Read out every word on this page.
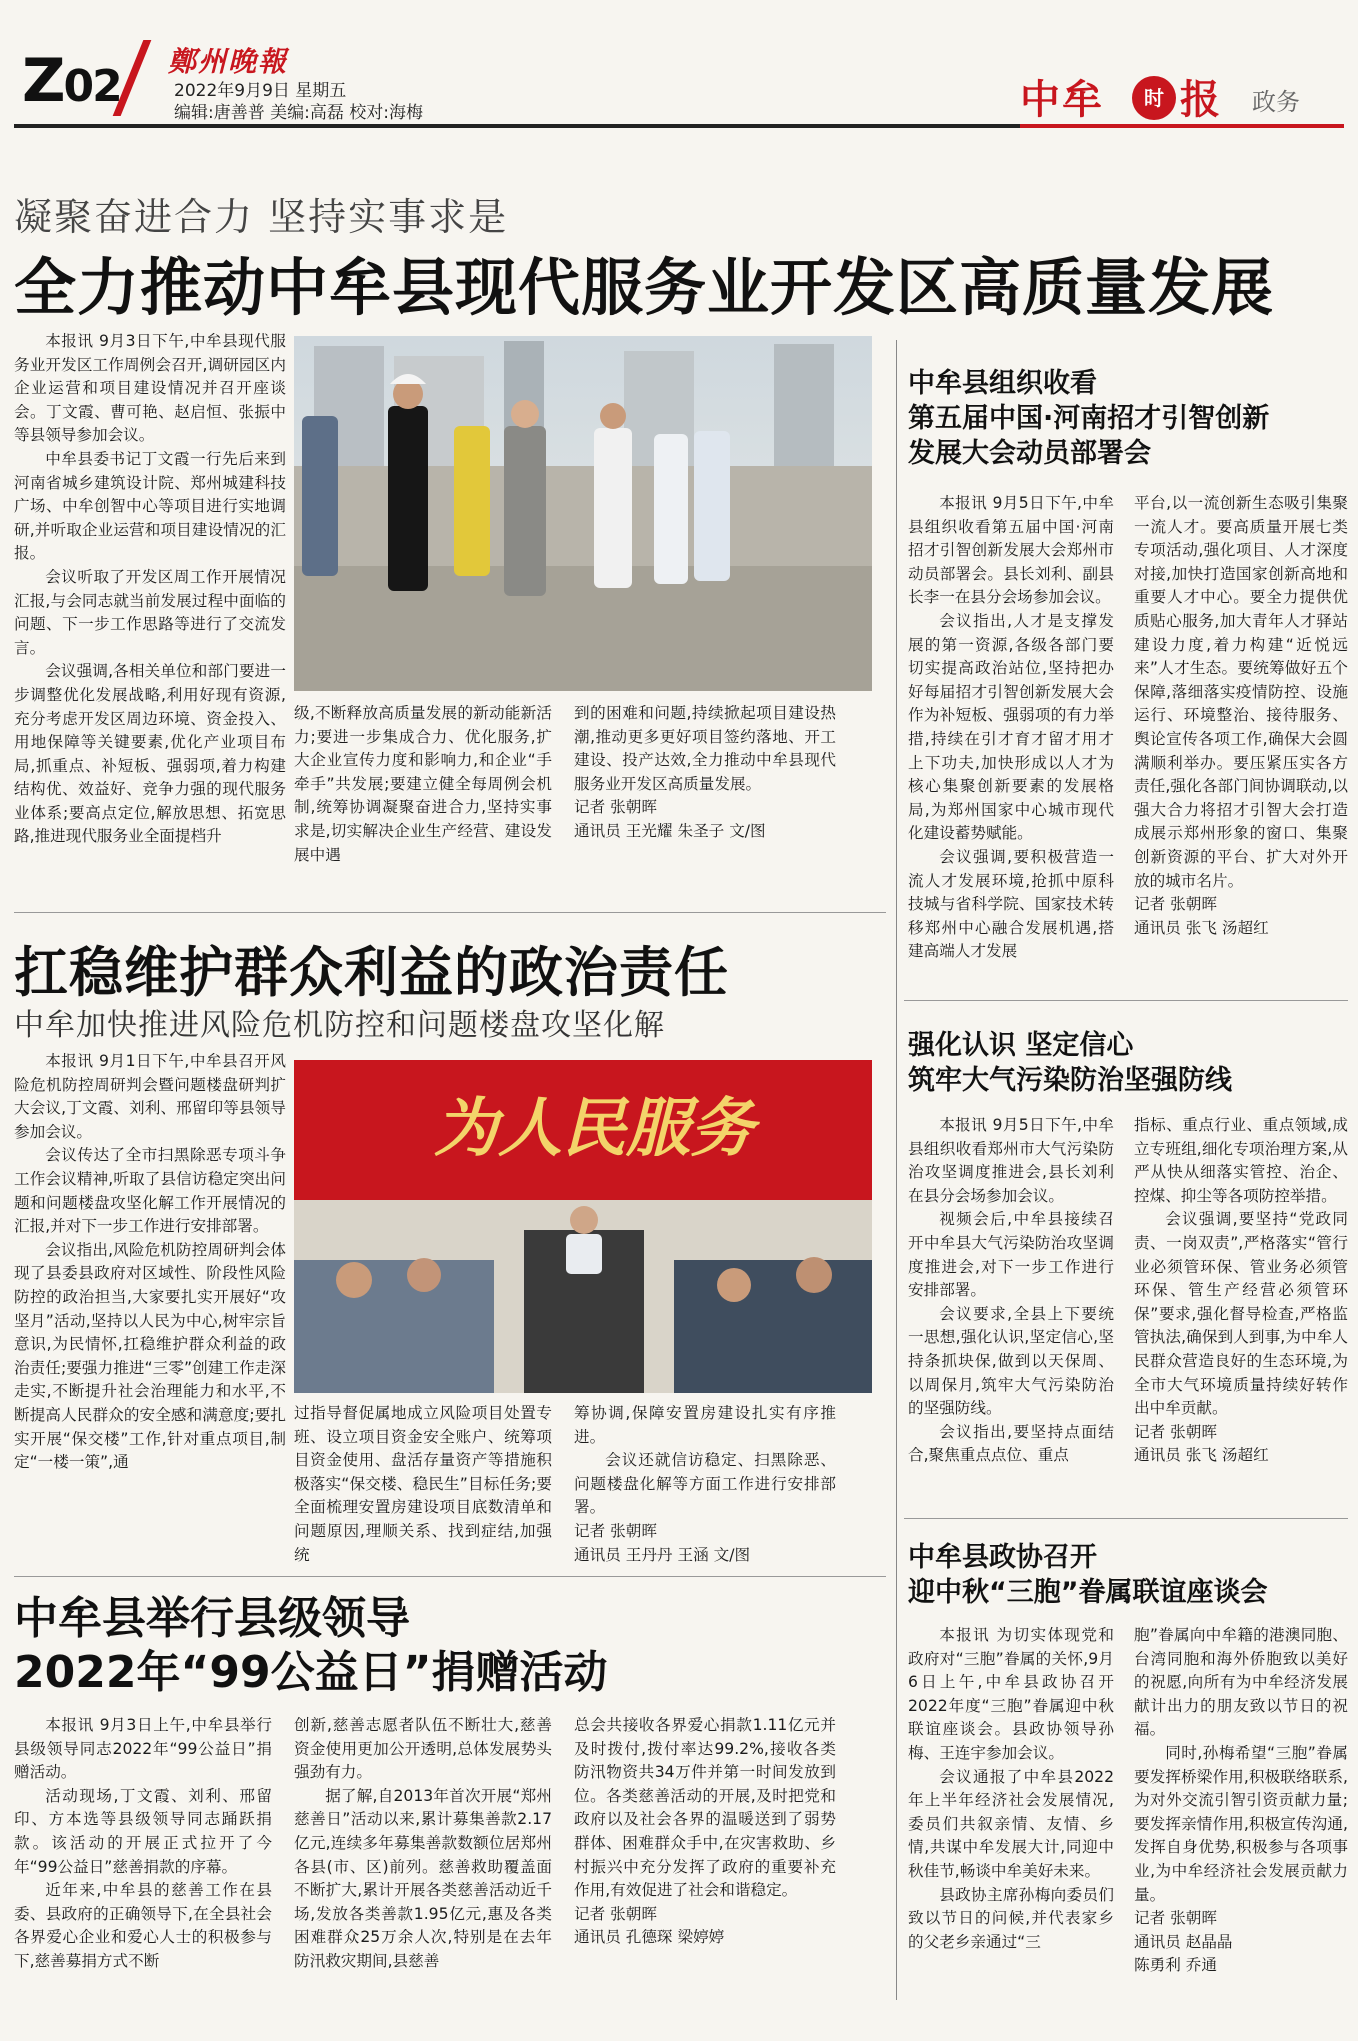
Z02 鄭州晚報
2022年9月9日 星期五
编辑:唐善普 美编:高磊 校对:海梅	中牟	时 报 政务
凝聚奋进合力 坚持实事求是
全力推动中牟县现代服务业开发区高质量发展

本报讯 9月3日下午,中牟县现代服务业开发区工作周例会召开,调研园区内企业运营和项目建设情况并召开座谈会。丁文霞、曹可艳、赵启恒、张振中等县领导参加会议。

中牟县委书记丁文霞一行先后来到河南省城乡建筑设计院、郑州城建科技广场、中牟创智中心等项目进行实地调研,并听取企业运营和项目建设情况的汇报。

会议听取了开发区周工作开展情况汇报,与会同志就当前发展过程中面临的问题、下一步工作思路等进行了交流发言。

会议强调,各相关单位和部门要进一步调整优化发展战略,利用好现有资源,充分考虑开发区周边环境、资金投入、用地保障等关键要素,优化产业项目布局,抓重点、补短板、强弱项,着力构建结构优、效益好、竞争力强的现代服务业体系;要高点定位,解放思想、拓宽思路,推进现代服务业全面提档升

级,不断释放高质量发展的新动能新活力;要进一步集成合力、优化服务,扩大企业宣传力度和影响力,和企业“手牵手”共发展;要建立健全每周例会机制,统筹协调凝聚奋进合力,坚持实事求是,切实解决企业生产经营、建设发展中遇

到的困难和问题,持续掀起项目建设热潮,推动更多更好项目签约落地、开工建设、投产达效,全力推动中牟县现代服务业开发区高质量发展。

记者 张朝晖

通讯员 王光耀 朱圣子 文/图

中牟县组织收看
第五届中国·河南招才引智创新
发展大会动员部署会

本报讯 9月5日下午,中牟县组织收看第五届中国·河南招才引智创新发展大会郑州市动员部署会。县长刘利、副县长李一在县分会场参加会议。

会议指出,人才是支撑发展的第一资源,各级各部门要切实提高政治站位,坚持把办好每届招才引智创新发展大会作为补短板、强弱项的有力举措,持续在引才育才留才用才上下功夫,加快形成以人才为核心集聚创新要素的发展格局,为郑州国家中心城市现代化建设蓄势赋能。

会议强调,要积极营造一流人才发展环境,抢抓中原科技城与省科学院、国家技术转移郑州中心融合发展机遇,搭建高端人才发展

平台,以一流创新生态吸引集聚一流人才。要高质量开展七类专项活动,强化项目、人才深度对接,加快打造国家创新高地和重要人才中心。要全力提供优质贴心服务,加大青年人才驿站建设力度,着力构建“近悦远来”人才生态。要统筹做好五个保障,落细落实疫情防控、设施运行、环境整治、接待服务、舆论宣传各项工作,确保大会圆满顺利举办。要压紧压实各方责任,强化各部门间协调联动,以强大合力将招才引智大会打造成展示郑州形象的窗口、集聚创新资源的平台、扩大对外开放的城市名片。

记者 张朝晖

通讯员 张飞 汤超红

强化认识 坚定信心
筑牢大气污染防治坚强防线

本报讯 9月5日下午,中牟县组织收看郑州市大气污染防治攻坚调度推进会,县长刘利在县分会场参加会议。

视频会后,中牟县接续召开中牟县大气污染防治攻坚调度推进会,对下一步工作进行安排部署。

会议要求,全县上下要统一思想,强化认识,坚定信心,坚持条抓块保,做到以天保周、以周保月,筑牢大气污染防治的坚强防线。

会议指出,要坚持点面结合,聚焦重点点位、重点

指标、重点行业、重点领域,成立专班组,细化专项治理方案,从严从快从细落实管控、治企、控煤、抑尘等各项防控举措。

会议强调,要坚持“党政同责、一岗双责”,严格落实“管行业必须管环保、管业务必须管环保、管生产经营必须管环保”要求,强化督导检查,严格监管执法,确保到人到事,为中牟人民群众营造良好的生态环境,为全市大气环境质量持续好转作出中牟贡献。

记者 张朝晖

通讯员 张飞 汤超红

中牟县政协召开
迎中秋“三胞”眷属联谊座谈会

本报讯 为切实体现党和政府对“三胞”眷属的关怀,9月6日上午,中牟县政协召开2022年度“三胞”眷属迎中秋联谊座谈会。县政协领导孙梅、王连宇参加会议。

会议通报了中牟县2022年上半年经济社会发展情况,委员们共叙亲情、友情、乡情,共谋中牟发展大计,同迎中秋佳节,畅谈中牟美好未来。

县政协主席孙梅向委员们致以节日的问候,并代表家乡的父老乡亲通过“三

胞”眷属向中牟籍的港澳同胞、台湾同胞和海外侨胞致以美好的祝愿,向所有为中牟经济发展献计出力的朋友致以节日的祝福。

同时,孙梅希望“三胞”眷属要发挥桥梁作用,积极联络联系,为对外交流引智引资贡献力量;要发挥亲情作用,积极宣传沟通,发挥自身优势,积极参与各项事业,为中牟经济社会发展贡献力量。

记者 张朝晖

通讯员 赵晶晶
陈勇利 乔通

扛稳维护群众利益的政治责任
中牟加快推进风险危机防控和问题楼盘攻坚化解

本报讯 9月1日下午,中牟县召开风险危机防控周研判会暨问题楼盘研判扩大会议,丁文霞、刘利、邢留印等县领导参加会议。

会议传达了全市扫黑除恶专项斗争工作会议精神,听取了县信访稳定突出问题和问题楼盘攻坚化解工作开展情况的汇报,并对下一步工作进行安排部署。

会议指出,风险危机防控周研判会体现了县委县政府对区域性、阶段性风险防控的政治担当,大家要扎实开展好“攻坚月”活动,坚持以人民为中心,树牢宗旨意识,为民情怀,扛稳维护群众利益的政治责任;要强力推进“三零”创建工作走深走实,不断提升社会治理能力和水平,不断提高人民群众的安全感和满意度;要扎实开展“保交楼”工作,针对重点项目,制定“一楼一策”,通

为人民服务

过指导督促属地成立风险项目处置专班、设立项目资金安全账户、统筹项目资金使用、盘活存量资产等措施积极落实“保交楼、稳民生”目标任务;要全面梳理安置房建设项目底数清单和问题原因,理顺关系、找到症结,加强统

筹协调,保障安置房建设扎实有序推进。

会议还就信访稳定、扫黑除恶、问题楼盘化解等方面工作进行安排部署。

记者 张朝晖

通讯员 王丹丹 王涵 文/图

中牟县举行县级领导
2022年“99公益日”捐赠活动

本报讯 9月3日上午,中牟县举行县级领导同志2022年“99公益日”捐赠活动。

活动现场,丁文霞、刘利、邢留印、方本选等县级领导同志踊跃捐款。该活动的开展正式拉开了今年“99公益日”慈善捐款的序幕。

近年来,中牟县的慈善工作在县委、县政府的正确领导下,在全县社会各界爱心企业和爱心人士的积极参与下,慈善募捐方式不断

创新,慈善志愿者队伍不断壮大,慈善资金使用更加公开透明,总体发展势头强劲有力。

据了解,自2013年首次开展“郑州慈善日”活动以来,累计募集善款2.17亿元,连续多年募集善款数额位居郑州各县(市、区)前列。慈善救助覆盖面不断扩大,累计开展各类慈善活动近千场,发放各类善款1.95亿元,惠及各类困难群众25万余人次,特别是在去年防汛救灾期间,县慈善

总会共接收各界爱心捐款1.11亿元并及时拨付,拨付率达99.2%,接收各类防汛物资共34万件并第一时间发放到位。各类慈善活动的开展,及时把党和政府以及社会各界的温暖送到了弱势群体、困难群众手中,在灾害救助、乡村振兴中充分发挥了政府的重要补充作用,有效促进了社会和谐稳定。

记者 张朝晖

通讯员 孔德琛 梁婷婷
